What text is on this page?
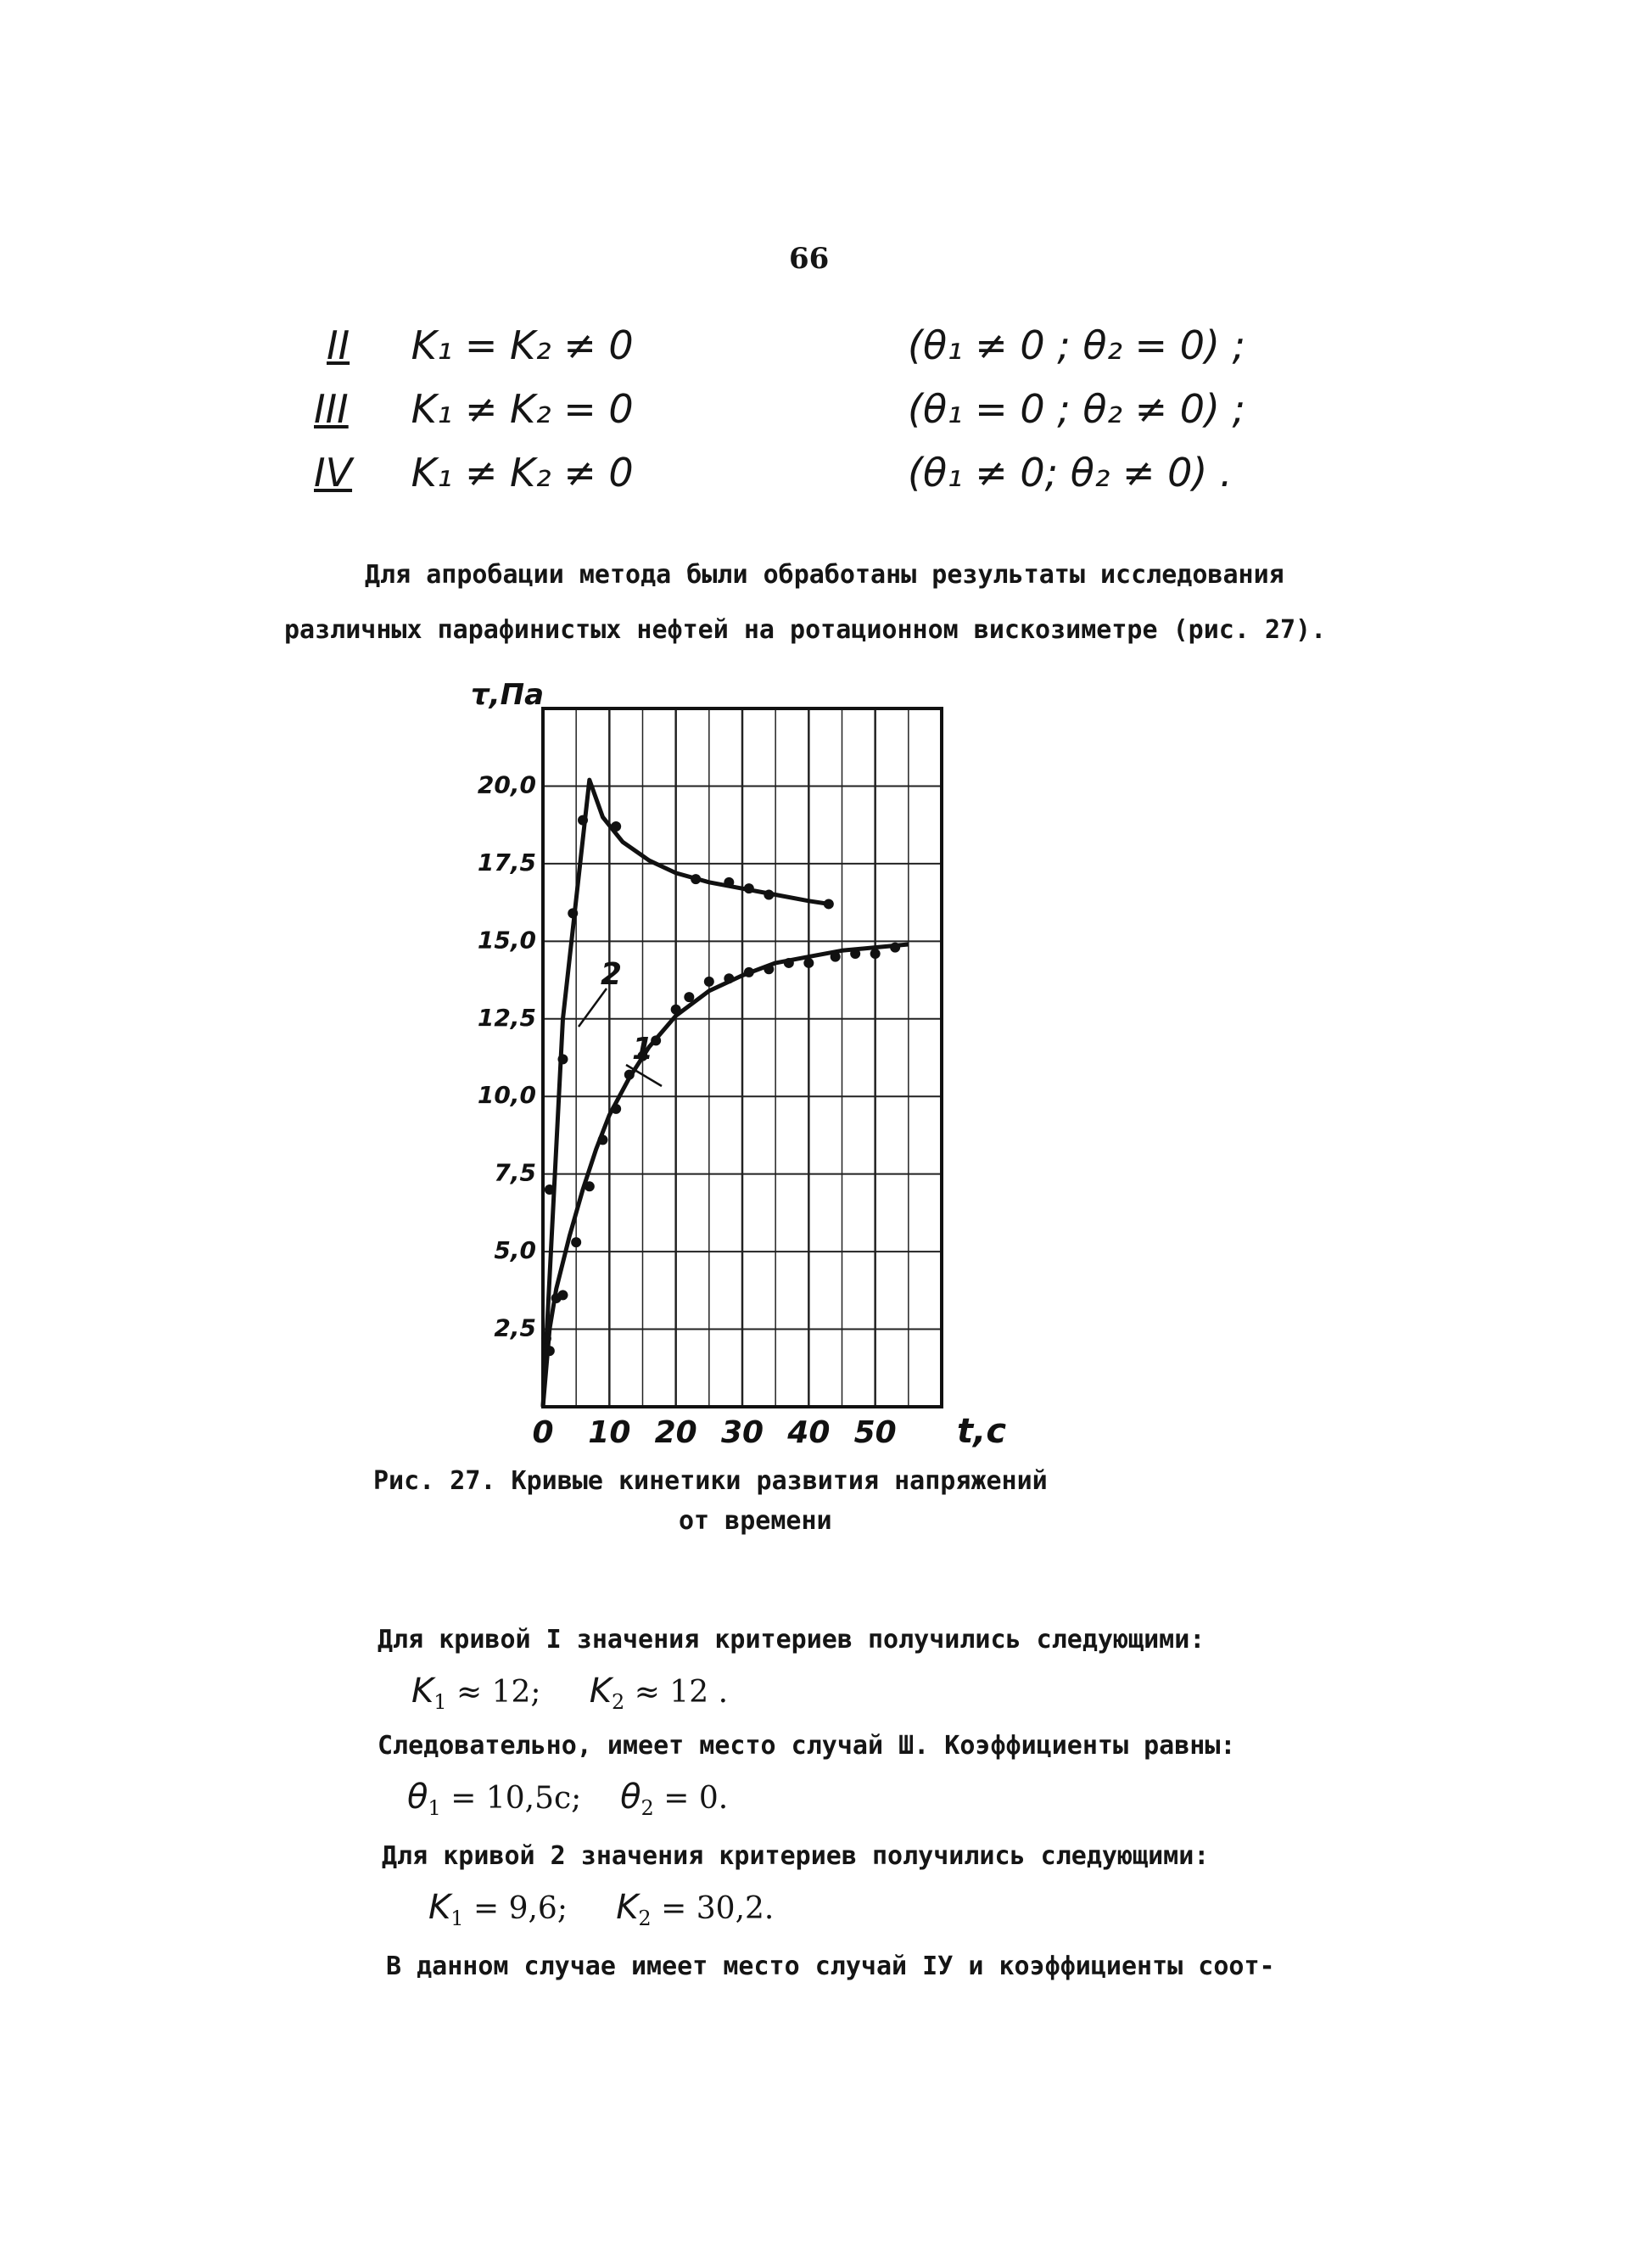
66
II K₁ = K₂ ≠ 0	(θ₁ ≠ 0 ; θ₂ = 0) ;
III K₁ ≠ K₂ = 0	(θ₁ = 0 ; θ₂ ≠ 0) ;
IV K₁ ≠ K₂ ≠ 0	(θ₁ ≠ 0; θ₂ ≠ 0) .
Для апробации метода были обработаны результаты исследования
различных парафинистых нефтей на ротационном вискозиметре (рис. 27).
2,5
5,0
7,5
10,0
12,5
15,0
17,5
20,0
0 10 20 30 40 50
τ,Па
t,с
1
2
Рис. 27. Кривые кинетики развития напряжений
от времени
Для кривой I значения критериев получились следующими:
$K_1 \approx 12$; $K_2 \approx 12$ .
Следовательно, имеет место случай Ш. Коэффициенты равны:
$\theta_1 = 10,5с$; $\theta_2 = 0$.
Для кривой 2 значения критериев получились следующими:
$K_1 = 9,6$; $K_2 = 30,2$.
В данном случае имеет место случай IУ и коэффициенты соот-
